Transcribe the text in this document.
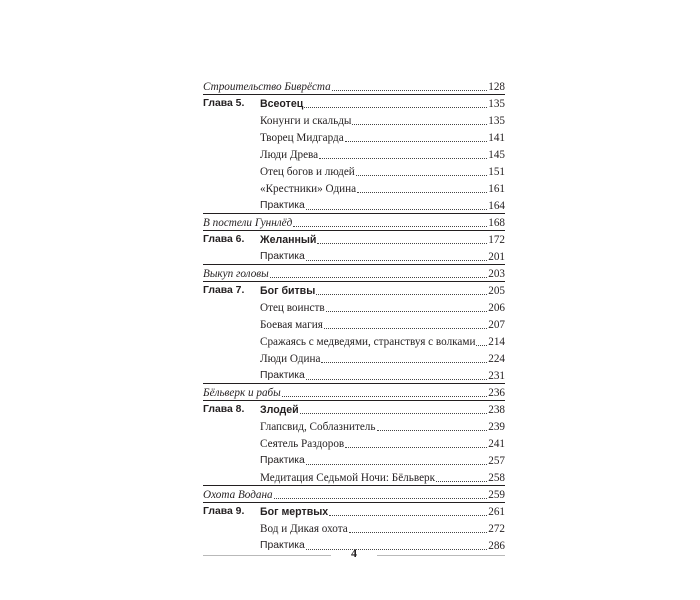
Строительство Биврёста	128
Глава 5.	Всеотец	135
Конунги и скальды	135
Творец Мидгарда	141
Люди Древа	145
Отец богов и людей	151
«Крестники» Одина	161
Практика	164
В постели Гуннлёд	168
Глава 6.	Желанный	172
Практика	201
Выкуп головы	203
Глава 7.	Бог битвы	205
Отец воинств	206
Боевая магия	207
Сражаясь с медведями, странствуя с волками 214
Люди Одина	224
Практика	231
Бёльверк и рабы	236
Глава 8.	Злодей	238
Глапсвид, Соблазнитель	239
Сеятель Раздоров	241
Практика	257
Медитация Седьмой Ночи: Бёльверк	258
Охота Водана	259
Глава 9.	Бог мертвых	261
Вод и Дикая охота	272
Практика	286
4
